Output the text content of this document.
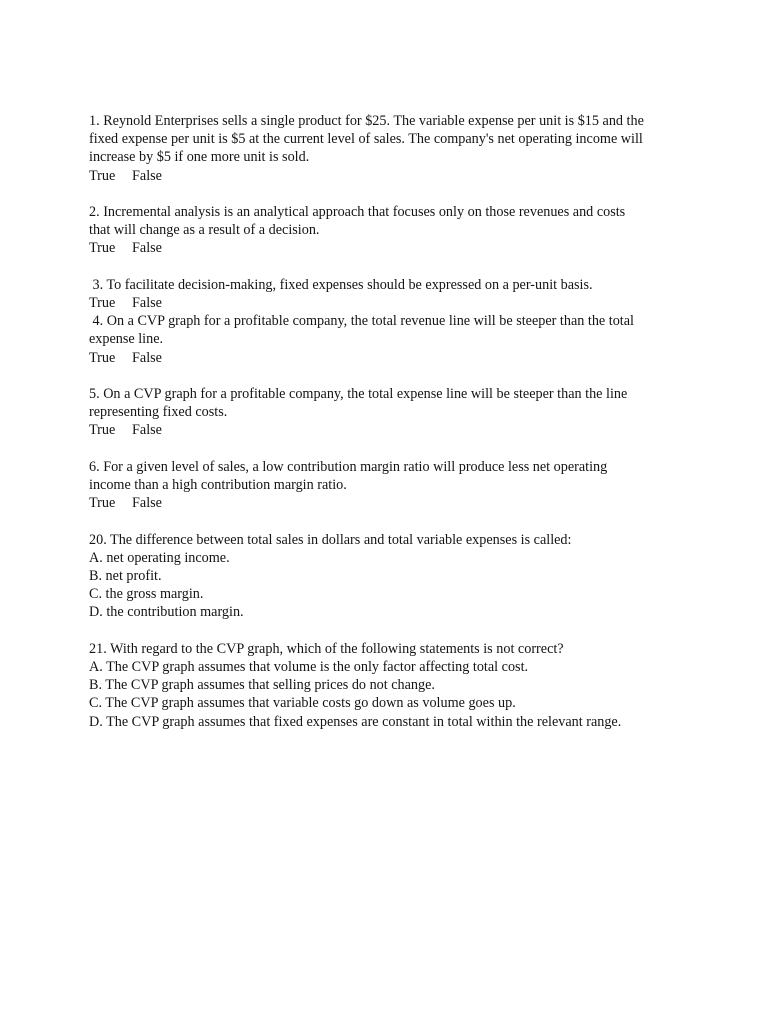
1. Reynold Enterprises sells a single product for $25. The variable expense per unit is $15 and the
fixed expense per unit is $5 at the current level of sales. The company's net operating income will
increase by $5 if one more unit is sold.
True False
2. Incremental analysis is an analytical approach that focuses only on those revenues and costs
that will change as a result of a decision.
True False
3. To facilitate decision-making, fixed expenses should be expressed on a per-unit basis.
True False
4. On a CVP graph for a profitable company, the total revenue line will be steeper than the total
expense line.
True False
5. On a CVP graph for a profitable company, the total expense line will be steeper than the line
representing fixed costs.
True False
6. For a given level of sales, a low contribution margin ratio will produce less net operating
income than a high contribution margin ratio.
True False
20. The difference between total sales in dollars and total variable expenses is called:
A. net operating income.
B. net profit.
C. the gross margin.
D. the contribution margin.
21. With regard to the CVP graph, which of the following statements is not correct?
A. The CVP graph assumes that volume is the only factor affecting total cost.
B. The CVP graph assumes that selling prices do not change.
C. The CVP graph assumes that variable costs go down as volume goes up.
D. The CVP graph assumes that fixed expenses are constant in total within the relevant range.
